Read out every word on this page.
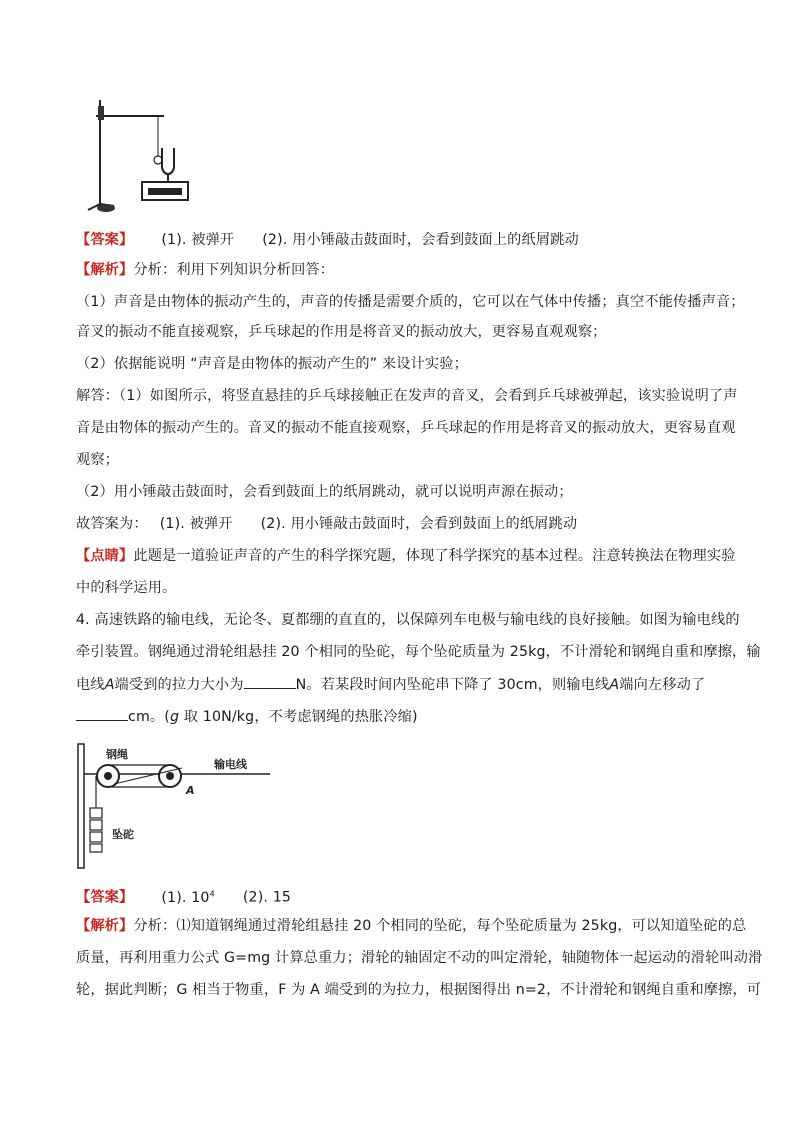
【答案】 (1). 被弹开 (2). 用小锤敲击鼓面时，会看到鼓面上的纸屑跳动
【解析】分析：利用下列知识分析回答：
（1）声音是由物体的振动产生的，声音的传播是需要介质的，它可以在气体中传播；真空不能传播声音；
音叉的振动不能直接观察，乒乓球起的作用是将音叉的振动放大，更容易直观观察；
（2）依据能说明 “声音是由物体的振动产生的” 来设计实验；
解答：（1）如图所示，将竖直悬挂的乒乓球接触正在发声的音叉，会看到乒乓球被弹起，该实验说明了声
音是由物体的振动产生的。音叉的振动不能直接观察，乒乓球起的作用是将音叉的振动放大，更容易直观
观察；
（2）用小锤敲击鼓面时，会看到鼓面上的纸屑跳动，就可以说明声源在振动；
故答案为： (1). 被弹开 (2). 用小锤敲击鼓面时，会看到鼓面上的纸屑跳动
【点睛】此题是一道验证声音的产生的科学探究题，体现了科学探究的基本过程。注意转换法在物理实验
中的科学运用。
4. 高速铁路的输电线，无论冬、夏都绷的直直的，以保障列车电极与输电线的良好接触。如图为输电线的
牵引装置。钢绳通过滑轮组悬挂 20 个相同的坠砣，每个坠砣质量为 25kg，不计滑轮和钢绳自重和摩擦，输
电线A端受到的拉力大小为	N。若某段时间内坠砣串下降了 30cm，则输电线A端向左移动了
cm。(g 取 10N/kg，不考虑钢绳的热胀冷缩)
钢绳
输电线
A
坠砣
【答案】 (1). $10^4$ (2). 15
【解析】分析：⑴知道钢绳通过滑轮组悬挂 20 个相同的坠砣，每个坠砣质量为 25kg，可以知道坠砣的总
质量，再利用重力公式 G=mg 计算总重力；滑轮的轴固定不动的叫定滑轮，轴随物体一起运动的滑轮叫动滑
轮，据此判断；G 相当于物重，F 为 A 端受到的为拉力，根据图得出 n=2，不计滑轮和钢绳自重和摩擦，可
